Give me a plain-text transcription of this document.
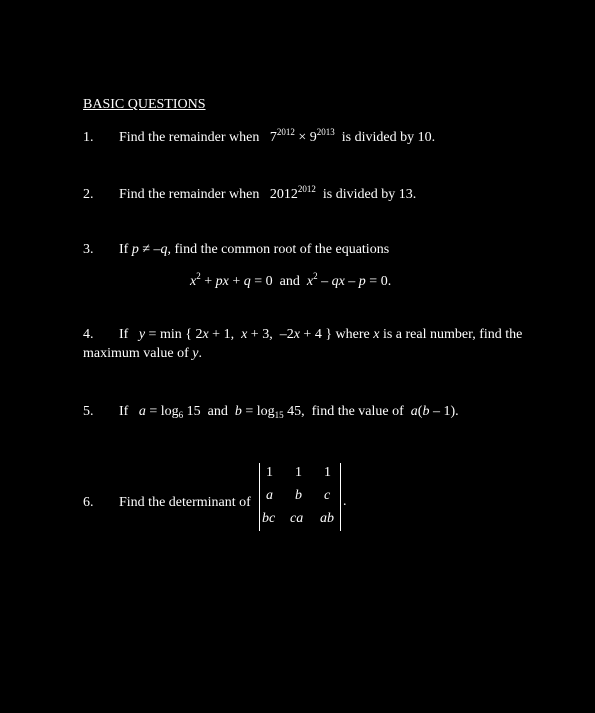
BASIC QUESTIONS
1. Find the remainder when   $7^{2012} \times 9^{2013}$  is divided by 10.
2. Find the remainder when   $2012^{2012}$  is divided by 13.
3. If p ≠ –q, find the common root of the equations
$x^2$ + px + q = 0  and  $x^2$ – qx – p = 0.
4. If   y = min { 2x + 1,  x + 3,  –2x + 4 } where x is a real number, find the
maximum value of y.
5. If   $a = \log_6 15$  and  $b = \log_{15} 45$,  find the value of  a(b – 1).
6. Find the determinant of
1 1 1
a b c
bc ca ab
.
